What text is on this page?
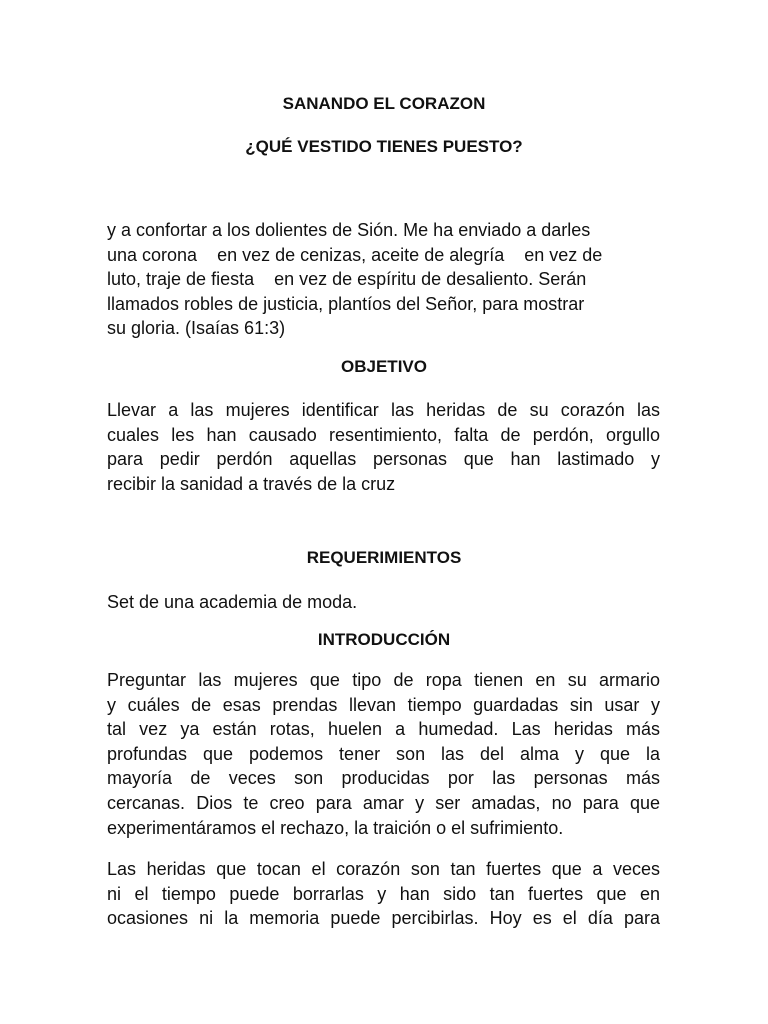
SANANDO EL CORAZON
¿QUÉ VESTIDO TIENES PUESTO?
y a confortar a los dolientes de Sión. Me ha enviado a darles
una corona    en vez de cenizas, aceite de alegría    en vez de
luto, traje de fiesta    en vez de espíritu de desaliento. Serán
llamados robles de justicia, plantíos del Señor, para mostrar
su gloria. (Isaías 61:3)
OBJETIVO
Llevar a las mujeres identificar las heridas de su corazón las
cuales les han causado resentimiento, falta de perdón, orgullo
para pedir perdón aquellas personas que han lastimado y
recibir la sanidad a través de la cruz
REQUERIMIENTOS
Set de una academia de moda.
INTRODUCCIÓN
Preguntar las mujeres que tipo de ropa tienen en su armario
y cuáles de esas prendas llevan tiempo guardadas sin usar y
tal vez ya están rotas, huelen a humedad. Las heridas más
profundas que podemos tener son las del alma y que la
mayoría de veces son producidas por las personas más
cercanas. Dios te creo para amar y ser amadas, no para que
experimentáramos el rechazo, la traición o el sufrimiento.
Las heridas que tocan el corazón son tan fuertes que a veces
ni el tiempo puede borrarlas y han sido tan fuertes que en
ocasiones ni la memoria puede percibirlas. Hoy es el día para
